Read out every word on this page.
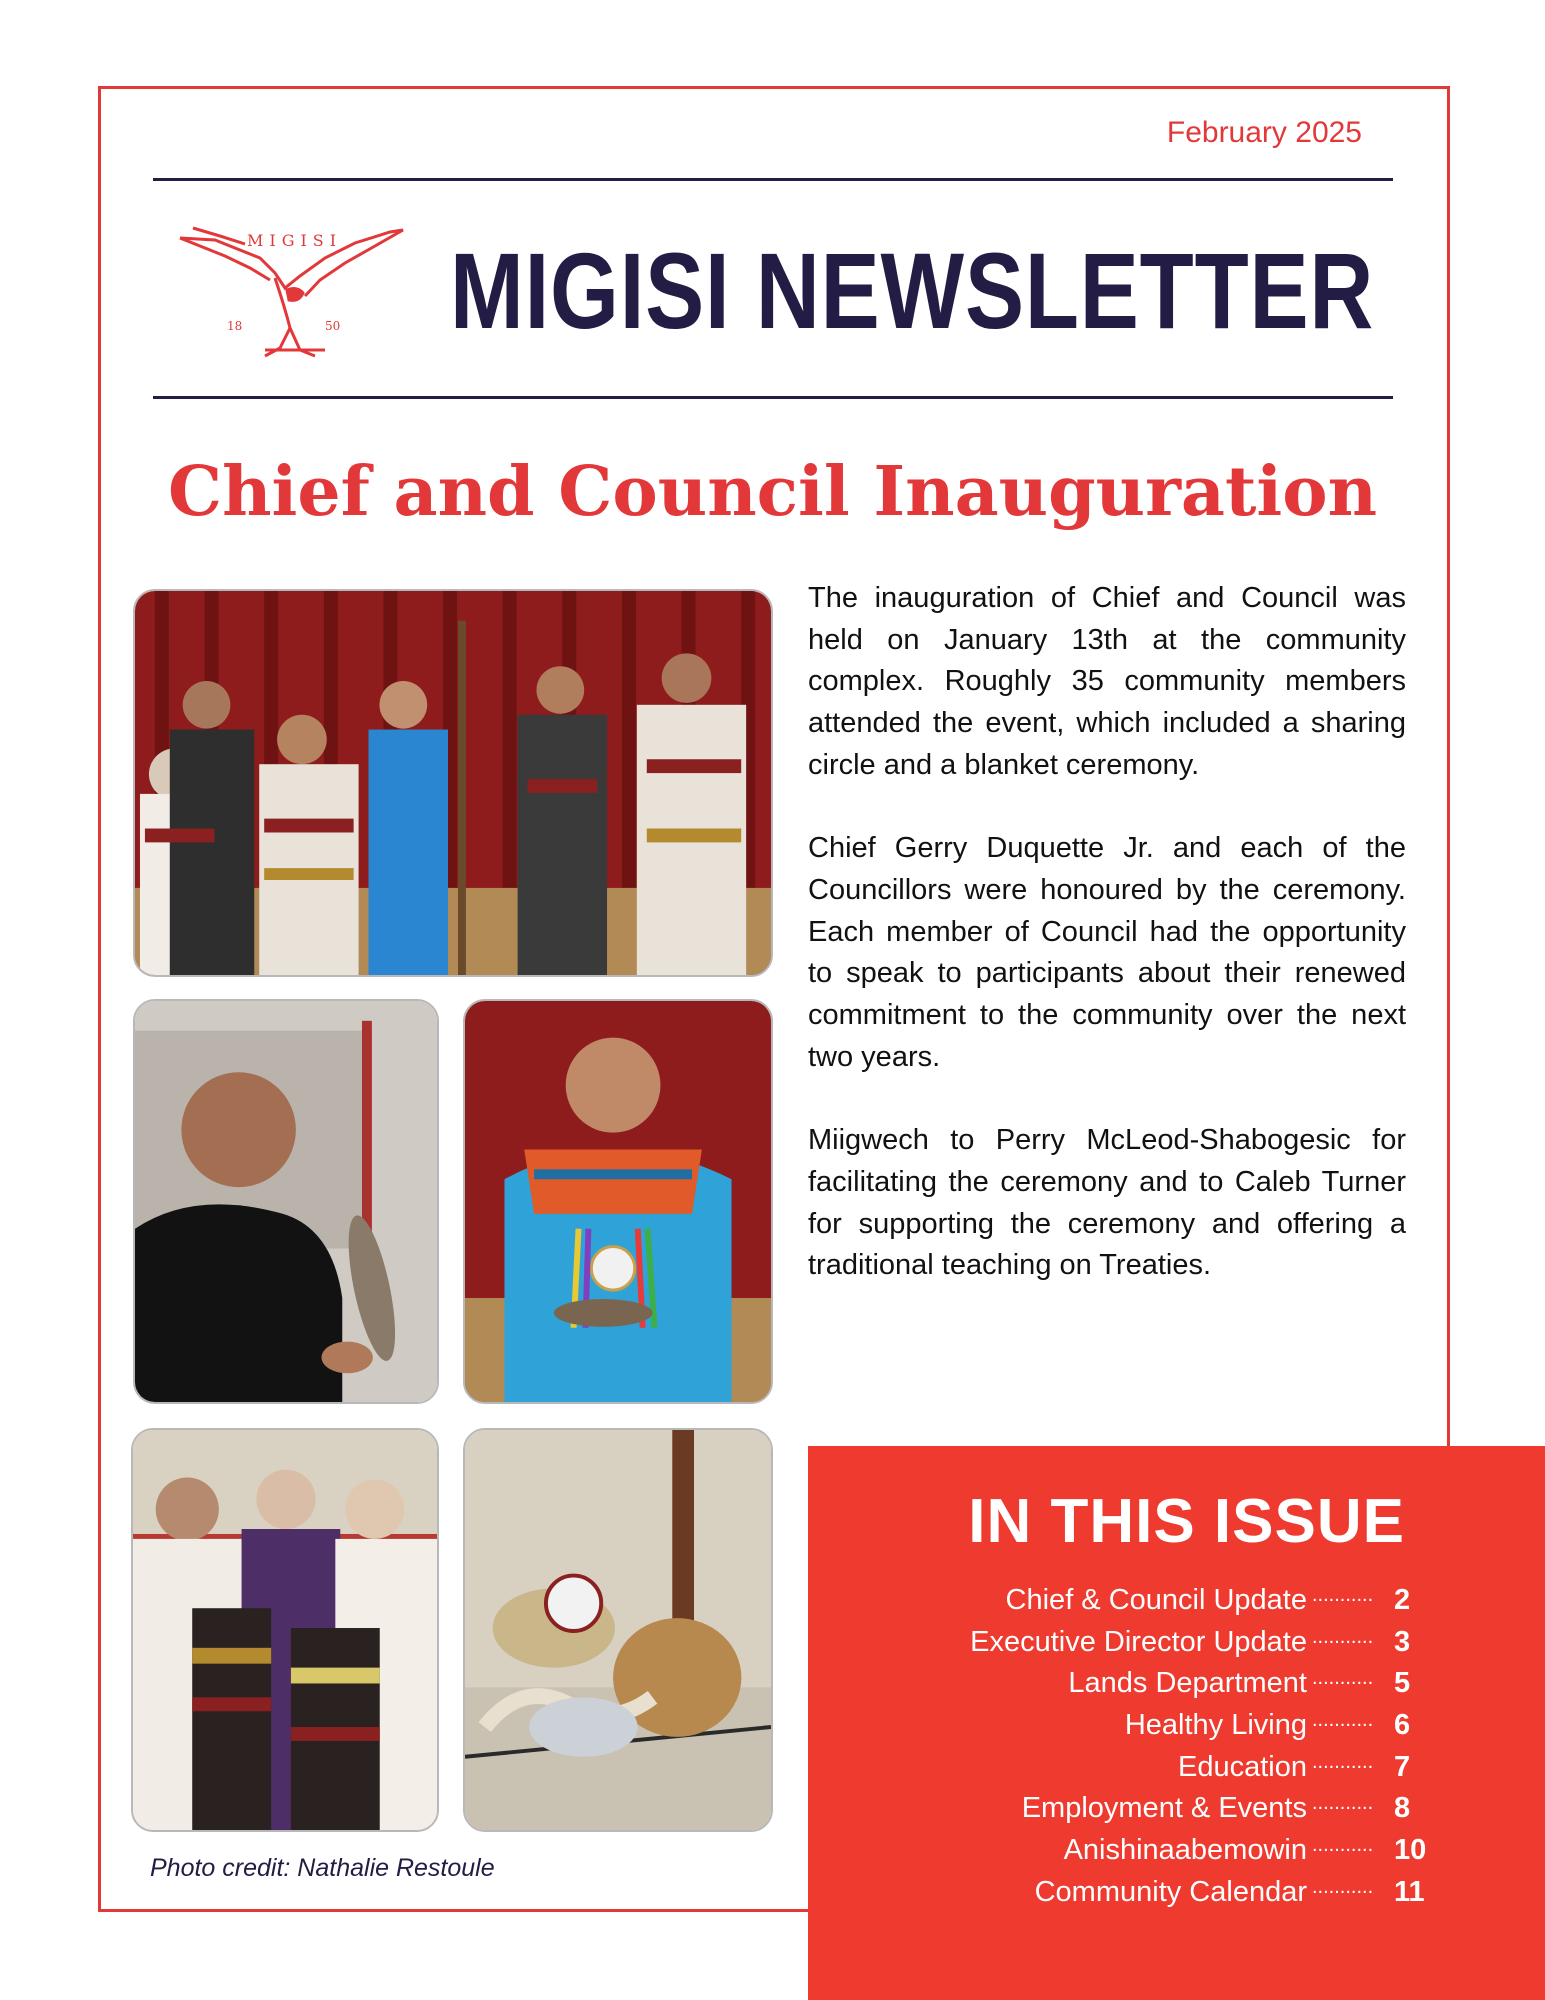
February 2025
MIGISI
18	50 MIGISI NEWSLETTER
Chief and Council Inauguration
Photo credit: Nathalie Restoule

The inauguration of Chief and Council was held on January 13th at the community complex. Roughly 35 community members attended the event, which included a sharing circle and a blanket ceremony.

Chief Gerry Duquette Jr. and each of the Councillors were honoured by the ceremony. Each member of Council had the opportunity to speak to participants about their renewed commitment to the community over the next two years.

Miigwech to Perry McLeod-Shabogesic for facilitating the ceremony and to Caleb Turner for supporting the ceremony and offering a traditional teaching on Treaties.

IN THIS ISSUE
Chief & Council Update ........... 2
Executive Director Update ........... 3
Lands Department ........... 5
Healthy Living ........... 6
Education ........... 7
Employment & Events ........... 8
Anishinaabemowin ........... 10
Community Calendar ........... 11
